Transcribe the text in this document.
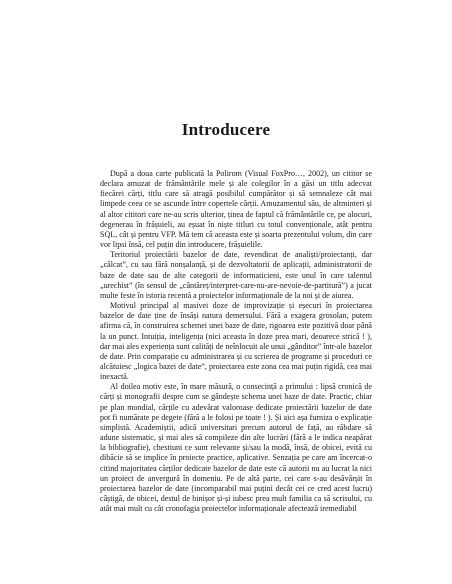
Introducere

După a doua carte publicată la Polirom (Visual FoxPro…, 2002), un cititor se declara amuzat de frământările mele și ale colegilor în a găsi un titlu adecvat fiecărei cărți, titlu care să atragă posibilul cumpărător și să semnaleze cât mai limpede ceea ce se ascunde între copertele cărții. Amuzamentul său, de altminteri și al altor cititori care ne-au scris ulterior, ținea de faptul că frământările ce, pe alocuri, degenerau în frășuieli, au eșuat în niște titluri cu totul convenționale, atât pentru SQL, cât și pentru VFP. Mă tem că aceasta este și soarta prezentului volum, din care vor lipsi însă, cel puțin din introducere, frășuielile.

Teritoriul proiectării bazelor de date, revendicat de analiști/proiectanți, dar „călcat”, cu sau fără nonșalanță, și de dezvoltatorii de aplicații, administratorii de baze de date sau de alte categorii de informaticieni, este unul în care talentul „urechist” (în sensul de „cântăreț/interpret-care-nu-are-nevoie-de-partitură”) a jucat multe feste în istoria recentă a proiectelor informaționale de la noi și de aiurea.

Motivul principal al masivei doze de improvizație și eșecuri în proiectarea bazelor de date ține de însăși natura demersului. Fără a exagera grosolan, putem afirma că, în construirea schemei unei baze de date, rigoarea este pozitivă doar până la un punct. Intuiția, inteligența (nici aceasta în doze prea mari, deoarece strică ! ), dar mai ales experiența sunt calități de neînlocuit ale unui „gânditor” într-ale bazelor de date. Prin comparație cu administrarea și cu scrierea de programe și proceduri ce alcătuiesc „logica bazei de date”, proiectarea este zona cea mai puțin rigidă, cea mai inexactă.

Al doilea motiv este, în mare măsură, o consecință a primului : lipsă cronică de cărți și monografii despre cum se gândește schema unei baze de date. Practic, chiar pe plan mondial, cărțile cu adevărat valoroase dedicate proiectării bazelor de date pot fi numărate pe degete (fără a le folosi pe toate ! ). Și aici așa furniza o explicație simplistă. Academiștii, adică universitari precum autorul de față, au răbdare să adune sistematic, și mai ales să compileze din alte lucrări (fără a le indica neapărat la bibliografie), chestiuni ce sunt relevante și/sau la modă, însă, de obicei, evită cu dibăcie să se implice în proiecte practice, aplicative. Senzația pe care am încercat-o citind majoritatea cărților dedicate bazelor de date este că autorii nu au lucrat la nici un proiect de anvergură în domeniu. Pe de altă parte, cei care s-au desăvârșit în proiectarea bazelor de date (incomparabil mai puțini decât cei ce cred acest lucru) câștigă, de obicei, destul de binișor și-și iubesc prea mult familia ca să scrisului, cu atât mai mult cu cât cronofagia proiectelor informaționale afectează iremediabil
